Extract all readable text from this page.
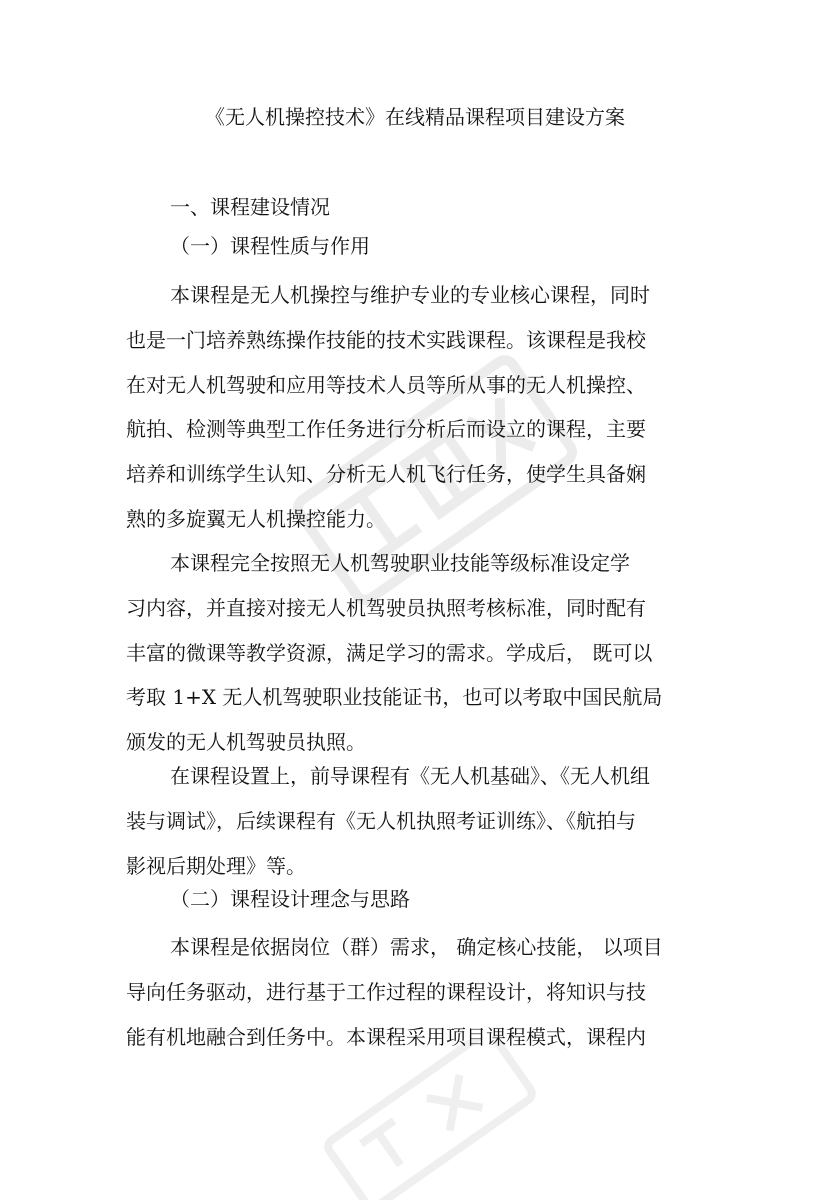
《无人机操控技术》在线精品课程项目建设方案
一、课程建设情况
（一）课程性质与作用
本课程是无人机操控与维护专业的专业核心课程，同时
也是一门培养熟练操作技能的技术实践课程。该课程是我校
在对无人机驾驶和应用等技术人员等所从事的无人机操控、
航拍、检测等典型工作任务进行分析后而设立的课程，主要
培养和训练学生认知、分析无人机飞行任务，使学生具备娴
熟的多旋翼无人机操控能力。
本课程完全按照无人机驾驶职业技能等级标准设定学
习内容，并直接对接无人机驾驶员执照考核标准，同时配有
丰富的微课等教学资源，满足学习的需求。学成后， 既可以
考取 1+X 无人机驾驶职业技能证书，也可以考取中国民航局
颁发的无人机驾驶员执照。
在课程设置上，前导课程有《无人机基础》、《无人机组
装与调试》，后续课程有《无人机执照考证训练》、《航拍与
影视后期处理》等。
（二）课程设计理念与思路
本课程是依据岗位（群）需求， 确定核心技能， 以项目
导向任务驱动，进行基于工作过程的课程设计，将知识与技
能有机地融合到任务中。本课程采用项目课程模式，课程内
